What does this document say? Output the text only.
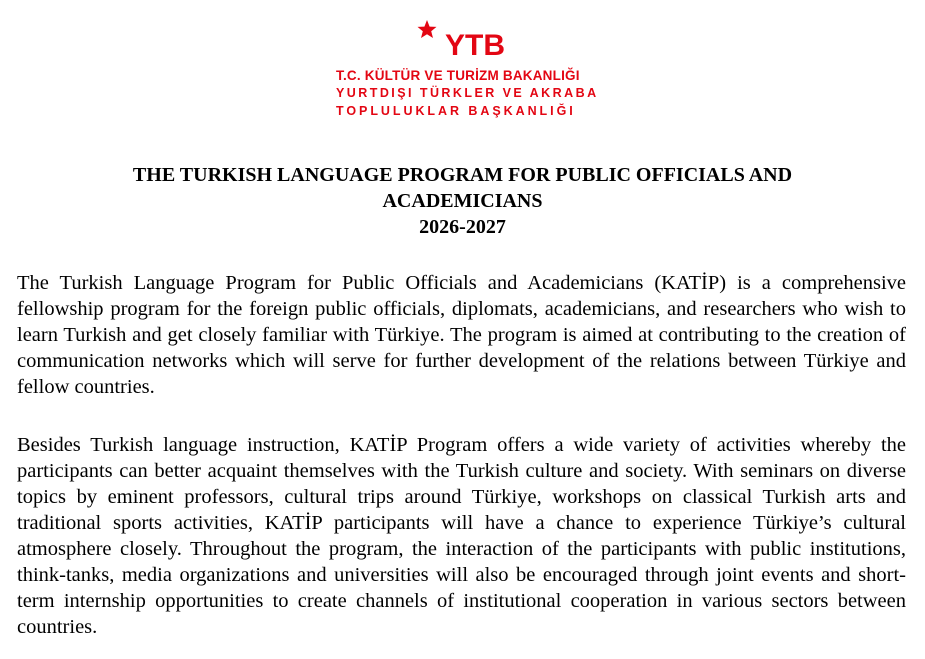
YTB
T.C. KÜLTÜR VE TURİZM BAKANLIĞI
YURTDIŞI TÜRKLER VE AKRABA
TOPLULUKLAR BAŞKANLIĞI
THE TURKISH LANGUAGE PROGRAM FOR PUBLIC OFFICIALS AND
ACADEMICIANS
2026-2027

The Turkish Language Program for Public Officials and Academicians (KATİP) is a comprehensive fellowship program for the foreign public officials, diplomats, academicians, and researchers who wish to learn Turkish and get closely familiar with Türkiye. The program is aimed at contributing to the creation of communication networks which will serve for further development of the relations between Türkiye and fellow countries.

Besides Turkish language instruction, KATİP Program offers a wide variety of activities whereby the participants can better acquaint themselves with the Turkish culture and society. With seminars on diverse topics by eminent professors, cultural trips around Türkiye, workshops on classical Turkish arts and traditional sports activities, KATİP participants will have a chance to experience Türkiye’s cultural atmosphere closely. Throughout the program, the interaction of the participants with public institutions, think-tanks, media organizations and universities will also be encouraged through joint events and short-term internship opportunities to create channels of institutional cooperation in various sectors between countries.
